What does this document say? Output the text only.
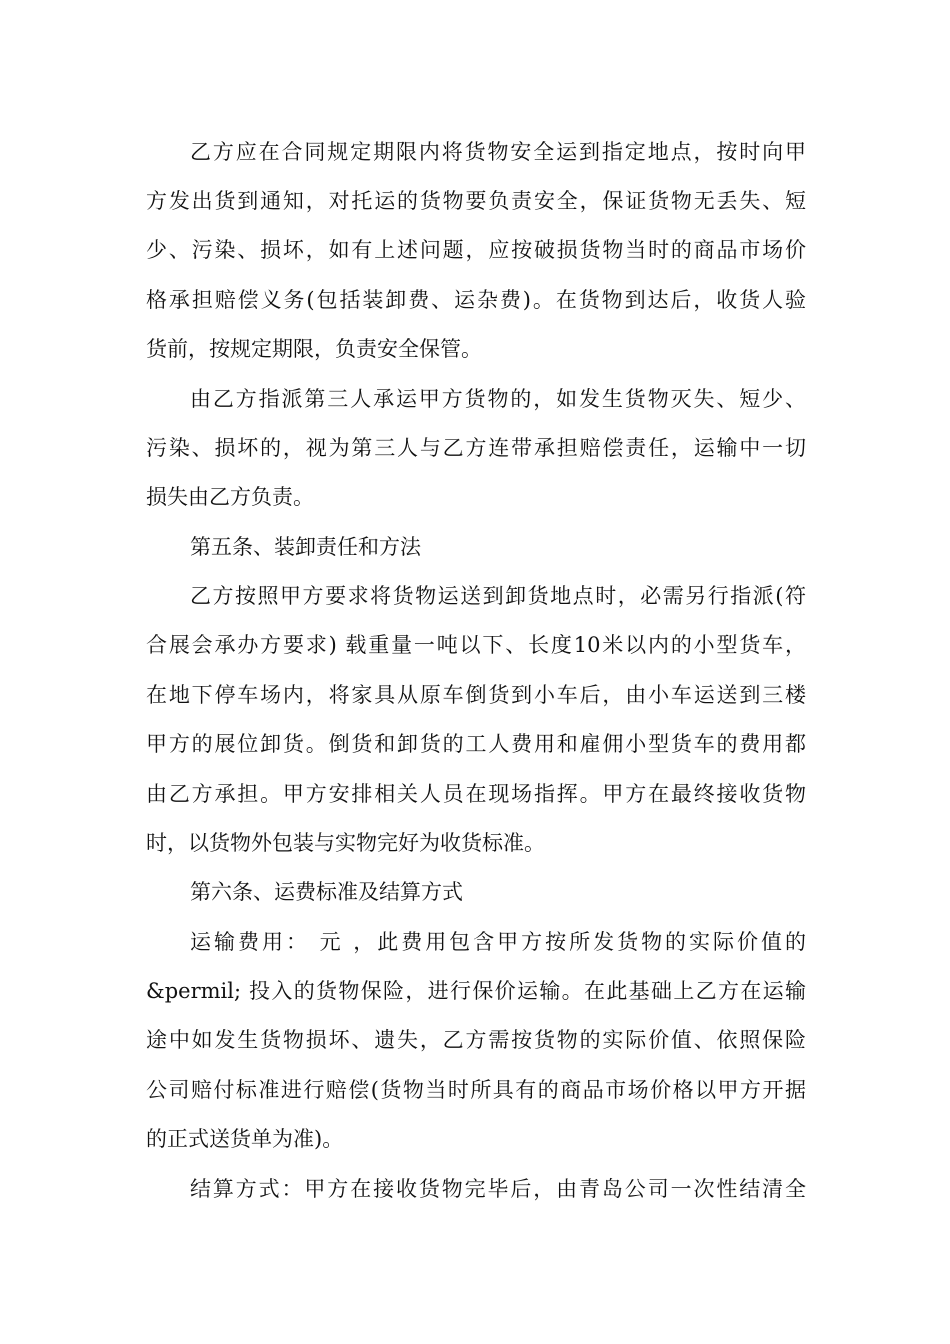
乙方应在合同规定期限内将货物安全运到指定地点，按时向甲
方发出货到通知，对托运的货物要负责安全，保证货物无丢失、短
少、污染、损坏，如有上述问题，应按破损货物当时的商品市场价
格承担赔偿义务(包括装卸费、运杂费)。在货物到达后，收货人验
货前，按规定期限，负责安全保管。
由乙方指派第三人承运甲方货物的，如发生货物灭失、短少、
污染、损坏的，视为第三人与乙方连带承担赔偿责任，运输中一切
损失由乙方负责。
第五条、装卸责任和方法
乙方按照甲方要求将货物运送到卸货地点时，必需另行指派(符
合展会承办方要求) 载重量一吨以下、长度10米以内的小型货车，
在地下停车场内，将家具从原车倒货到小车后，由小车运送到三楼
甲方的展位卸货。倒货和卸货的工人费用和雇佣小型货车的费用都
由乙方承担。甲方安排相关人员在现场指挥。甲方在最终接收货物
时，以货物外包装与实物完好为收货标准。
第六条、运费标准及结算方式
运输费用： 元 ，此费用包含甲方按所发货物的实际价值的
&permil; 投入的货物保险，进行保价运输。在此基础上乙方在运输
途中如发生货物损坏、遗失，乙方需按货物的实际价值、依照保险
公司赔付标准进行赔偿(货物当时所具有的商品市场价格以甲方开据
的正式送货单为准)。
结算方式：甲方在接收货物完毕后，由青岛公司一次性结清全
